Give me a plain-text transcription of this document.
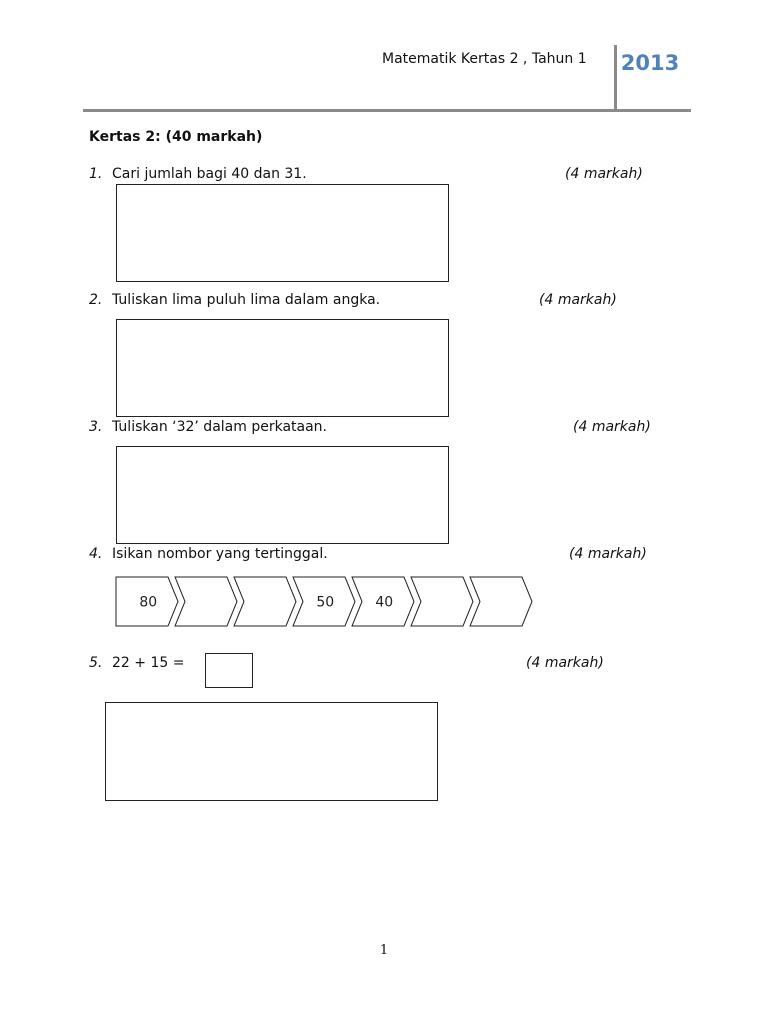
Matematik Kertas 2 , Tahun 1 2013
Kertas 2: (40 markah)
1. Cari jumlah bagi 40 dan 31.	(4 markah)
2. Tuliskan lima puluh lima dalam angka.	(4 markah)
3. Tuliskan ‘32’ dalam perkataan.	(4 markah)
4. Isikan nombor yang tertinggal.	(4 markah)
80	50	40
5. 22 + 15 =	(4 markah)
1
